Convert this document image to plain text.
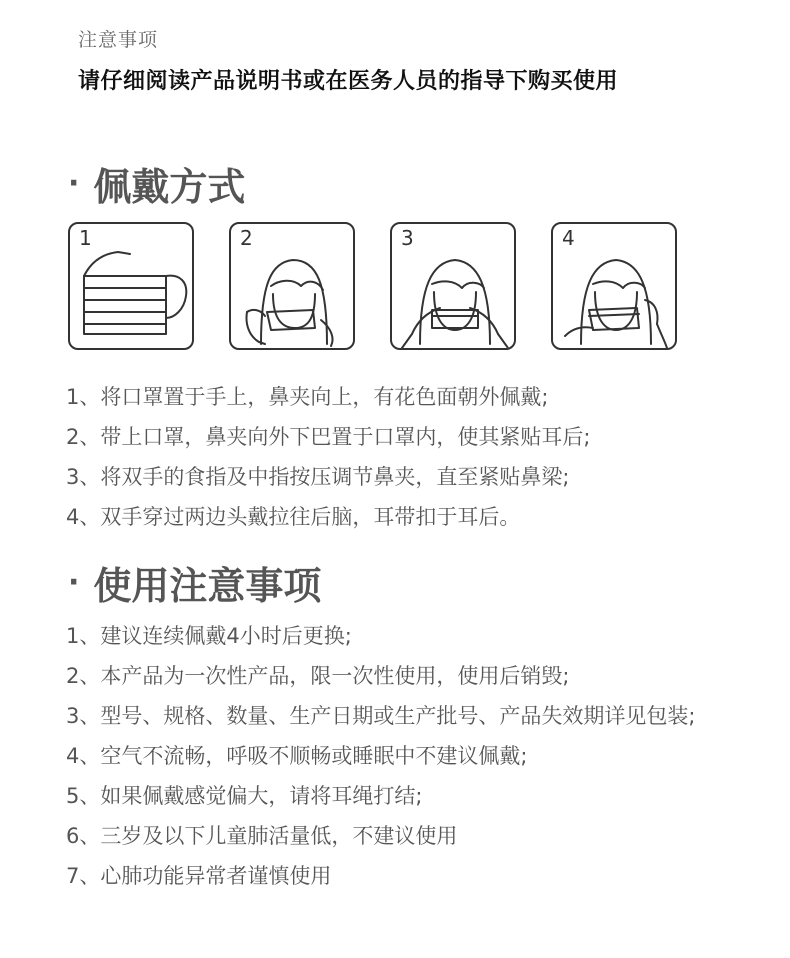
注意事项
请仔细阅读产品说明书或在医务人员的指导下购买使用
· 佩戴方式
1	2	3	4
1、将口罩置于手上，鼻夹向上，有花色面朝外佩戴;
2、带上口罩，鼻夹向外下巴置于口罩内，使其紧贴耳后;
3、将双手的食指及中指按压调节鼻夹，直至紧贴鼻梁;
4、双手穿过两边头戴拉往后脑，耳带扣于耳后。
· 使用注意事项
1、建议连续佩戴4小时后更换;
2、本产品为一次性产品，限一次性使用，使用后销毁;
3、型号、规格、数量、生产日期或生产批号、产品失效期详见包装;
4、空气不流畅，呼吸不顺畅或睡眠中不建议佩戴;
5、如果佩戴感觉偏大，请将耳绳打结;
6、三岁及以下儿童肺活量低，不建议使用
7、心肺功能异常者谨慎使用
